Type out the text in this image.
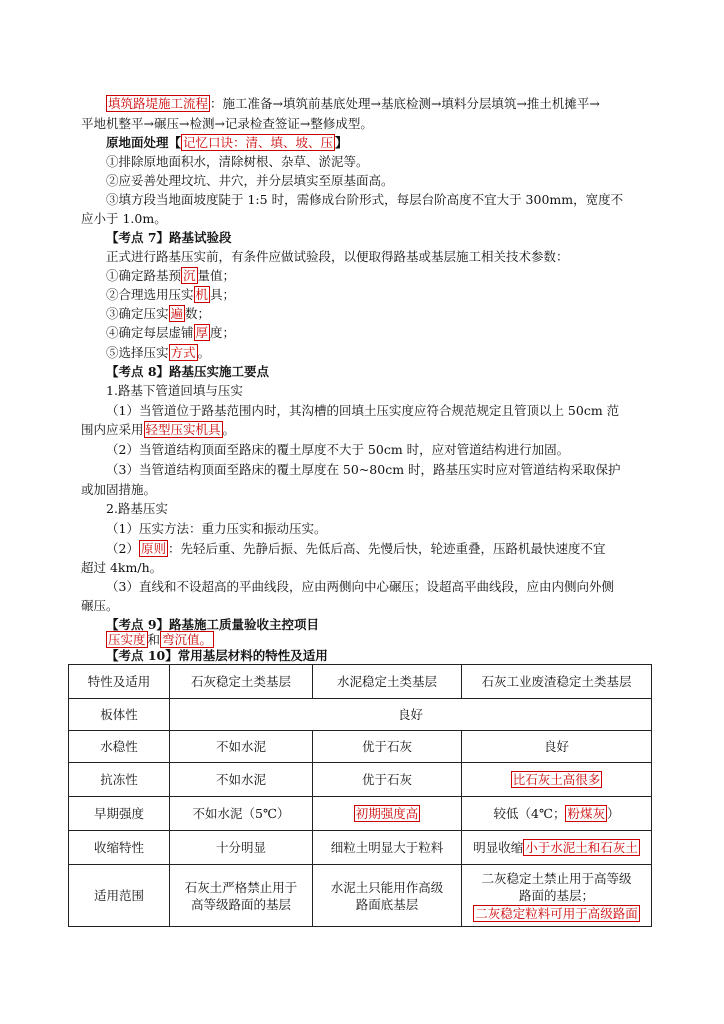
填筑路堤施工流程 ：施工准备→填筑前基底处理→基底检测→填料分层填筑→推土机摊平→
平地机整平→碾压→检测→记录检查签证→整修成型。
原地面处理【 记忆口诀：清、填、坡、压 】
①排除原地面积水，清除树根、杂草、淤泥等。
②应妥善处理坟坑、井穴，并分层填实至原基面高。
③填方段当地面坡度陡于 1:5 时，需修成台阶形式，每层台阶高度不宜大于 300mm，宽度不
应小于 1.0m。
【考点 7】路基试验段
正式进行路基压实前，有条件应做试验段，以便取得路基或基层施工相关技术参数：
①确定路基预 沉 量值；
②合理选用压实 机 具；
③确定压实 遍 数；
④确定每层虚铺 厚 度；
⑤选择压实 方式 。
【考点 8】路基压实施工要点
1.路基下管道回填与压实
（1）当管道位于路基范围内时，其沟槽的回填土压实度应符合规范规定且管顶以上 50cm 范
围内应采用 轻型压实机具 。
（2）当管道结构顶面至路床的覆土厚度不大于 50cm 时，应对管道结构进行加固。
（3）当管道结构顶面至路床的覆土厚度在 50~80cm 时，路基压实时应对管道结构采取保护
或加固措施。
2.路基压实
（1）压实方法：重力压实和振动压实。
（2） 原则 ：先轻后重、先静后振、先低后高、先慢后快，轮迹重叠，压路机最快速度不宜
超过 4km/h。
（3）直线和不设超高的平曲线段，应由两侧向中心碾压；设超高平曲线段，应由内侧向外侧
碾压。
【考点 9】路基施工质量验收主控项目
压实度 和 弯沉值。
【考点 10】常用基层材料的特性及适用
特性及适用	石灰稳定土类基层	水泥稳定土类基层	石灰工业废渣稳定土类基层
板体性	良好		
水稳性	不如水泥	优于石灰	良好
抗冻性	不如水泥	优于石灰	比石灰土高很多
早期强度	不如水泥（5℃）	初期强度高	较低（4℃； 粉煤灰 ）
收缩特性	十分明显	细粒土明显大于粒料	明显收缩 小于水泥土和石灰土
适用范围	石灰土严格禁止用于高等级路面的基层	水泥土只能用作高级路面底基层	二灰稳定土禁止用于高等级路面的基层；
二灰稳定粒料可用于高级路面
